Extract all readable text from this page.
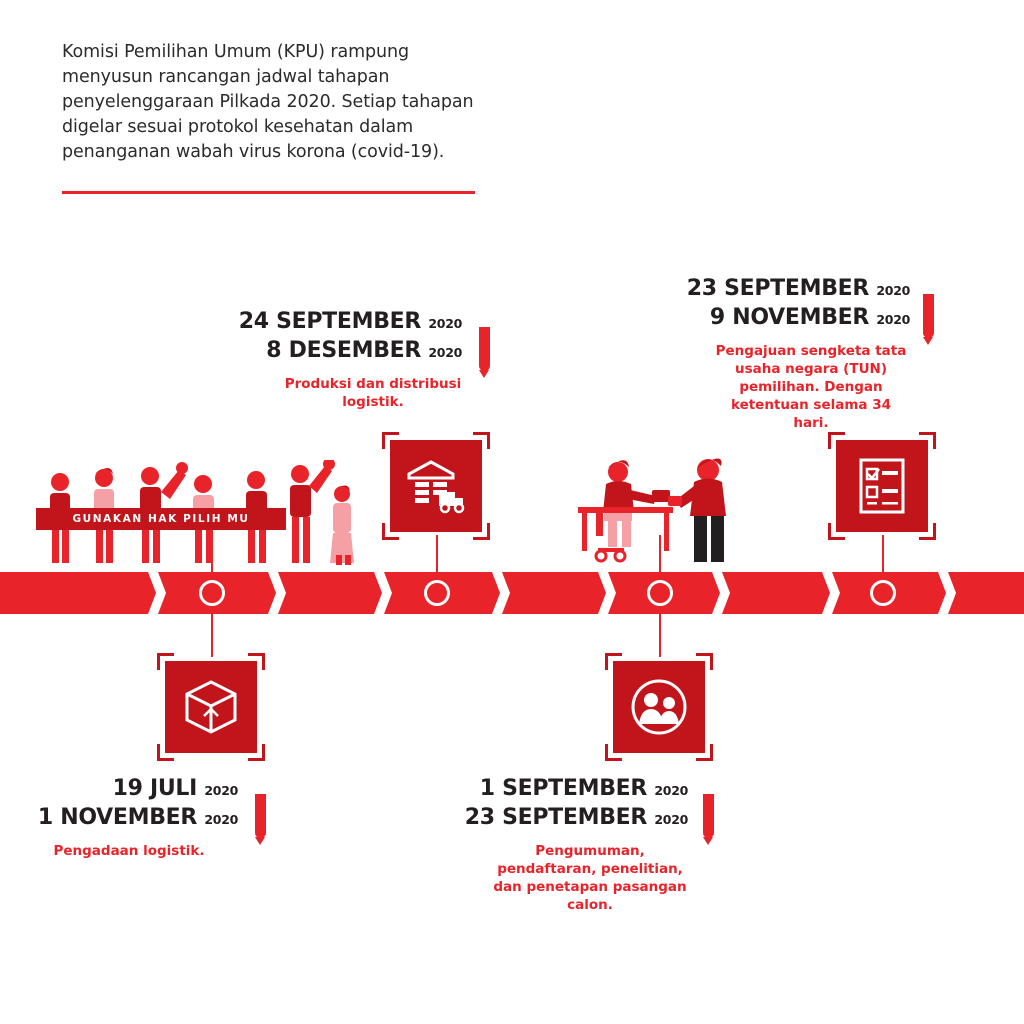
Komisi Pemilihan Umum (KPU) rampung menyusun rancangan jadwal tahapan penyelenggaraan Pilkada 2020. Setiap tahapan digelar sesuai protokol kesehatan dalam penanganan wabah virus korona (covid-19).

GUNAKAN HAK PILIH MU
24 SEPTEMBER 2020
8 DESEMBER 2020
Produksi dan distribusi logistik.
23 SEPTEMBER 2020
9 NOVEMBER 2020
Pengajuan sengketa tata usaha negara (TUN) pemilihan. Dengan ketentuan selama 34 hari.
19 JULI 2020
1 NOVEMBER 2020
Pengadaan logistik.
1 SEPTEMBER 2020
23 SEPTEMBER 2020
Pengumuman, pendaftaran, penelitian, dan penetapan pasangan calon.
